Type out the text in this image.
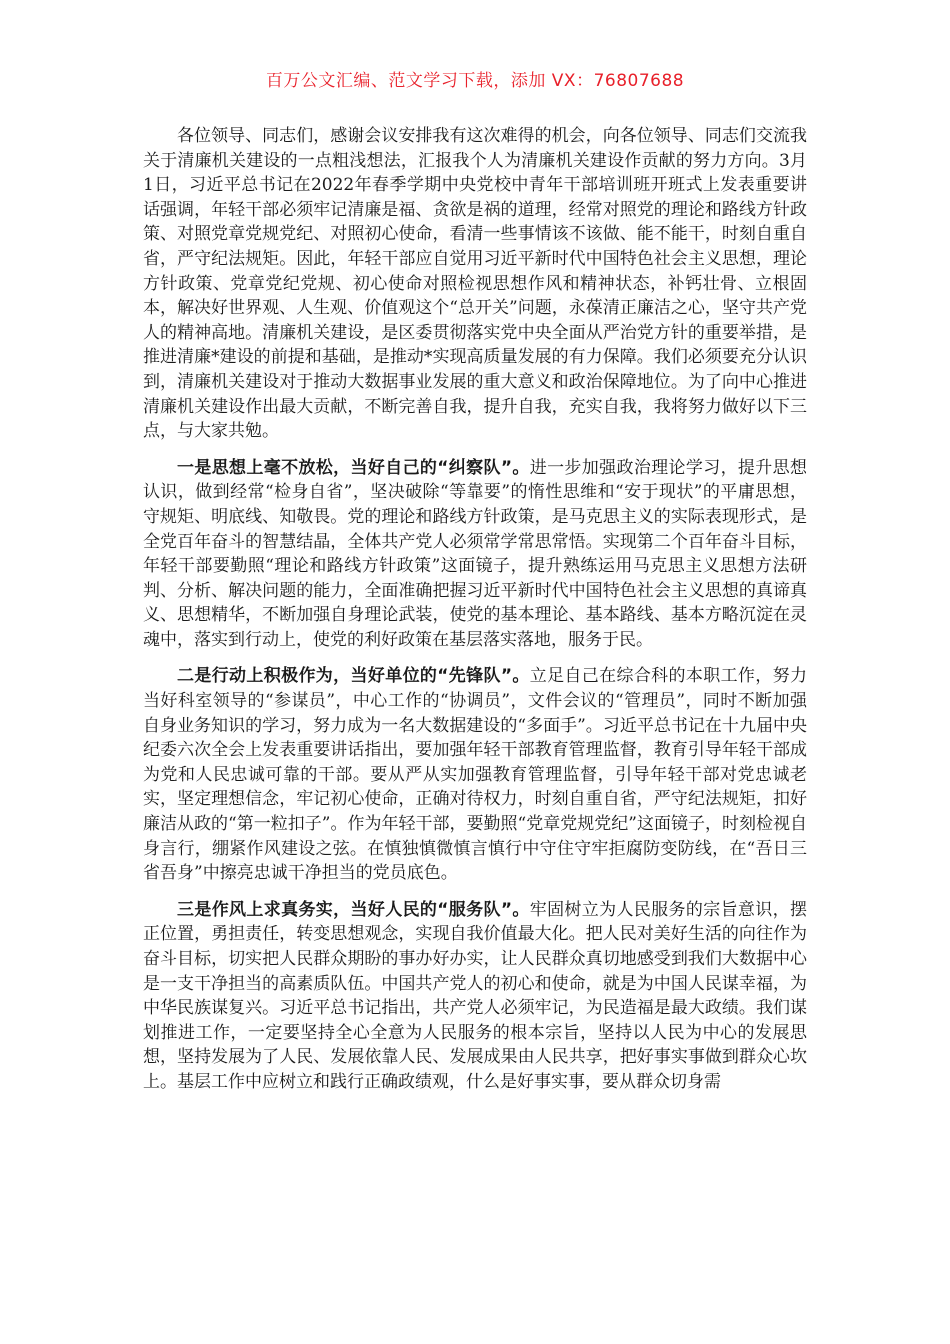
百万公文汇编、范文学习下载，添加 VX：76807688

各位领导、同志们，感谢会议安排我有这次难得的机会，向各位领导、同志们交流我关于清廉机关建设的一点粗浅想法，汇报我个人为清廉机关建设作贡献的努力方向。3月1日，习近平总书记在2022年春季学期中央党校中青年干部培训班开班式上发表重要讲话强调，年轻干部必须牢记清廉是福、贪欲是祸的道理，经常对照党的理论和路线方针政策、对照党章党规党纪、对照初心使命，看清一些事情该不该做、能不能干，时刻自重自省，严守纪法规矩。因此，年轻干部应自觉用习近平新时代中国特色社会主义思想，理论方针政策、党章党纪党规、初心使命对照检视思想作风和精神状态，补钙壮骨、立根固本，解决好世界观、人生观、价值观这个“总开关”问题，永葆清正廉洁之心，坚守共产党人的精神高地。清廉机关建设，是区委贯彻落实党中央全面从严治党方针的重要举措，是推进清廉*建设的前提和基础，是推动*实现高质量发展的有力保障。我们必须要充分认识到，清廉机关建设对于推动大数据事业发展的重大意义和政治保障地位。为了向中心推进清廉机关建设作出最大贡献，不断完善自我，提升自我，充实自我，我将努力做好以下三点，与大家共勉。

一是思想上毫不放松，当好自己的“纠察队”。进一步加强政治理论学习，提升思想认识，做到经常“检身自省”，坚决破除“等靠要”的惰性思维和“安于现状”的平庸思想，守规矩、明底线、知敬畏。党的理论和路线方针政策，是马克思主义的实际表现形式，是全党百年奋斗的智慧结晶，全体共产党人必须常学常思常悟。实现第二个百年奋斗目标，年轻干部要勤照“理论和路线方针政策”这面镜子，提升熟练运用马克思主义思想方法研判、分析、解决问题的能力，全面准确把握习近平新时代中国特色社会主义思想的真谛真义、思想精华，不断加强自身理论武装，使党的基本理论、基本路线、基本方略沉淀在灵魂中，落实到行动上，使党的利好政策在基层落实落地，服务于民。

二是行动上积极作为，当好单位的“先锋队”。立足自己在综合科的本职工作，努力当好科室领导的“参谋员”，中心工作的“协调员”，文件会议的“管理员”，同时不断加强自身业务知识的学习，努力成为一名大数据建设的“多面手”。习近平总书记在十九届中央纪委六次全会上发表重要讲话指出，要加强年轻干部教育管理监督，教育引导年轻干部成为党和人民忠诚可靠的干部。要从严从实加强教育管理监督，引导年轻干部对党忠诚老实，坚定理想信念，牢记初心使命，正确对待权力，时刻自重自省，严守纪法规矩，扣好廉洁从政的“第一粒扣子”。作为年轻干部，要勤照“党章党规党纪”这面镜子，时刻检视自身言行，绷紧作风建设之弦。在慎独慎微慎言慎行中守住守牢拒腐防变防线，在“吾日三省吾身”中擦亮忠诚干净担当的党员底色。

三是作风上求真务实，当好人民的“服务队”。牢固树立为人民服务的宗旨意识，摆正位置，勇担责任，转变思想观念，实现自我价值最大化。把人民对美好生活的向往作为奋斗目标，切实把人民群众期盼的事办好办实，让人民群众真切地感受到我们大数据中心是一支干净担当的高素质队伍。中国共产党人的初心和使命，就是为中国人民谋幸福，为中华民族谋复兴。习近平总书记指出，共产党人必须牢记，为民造福是最大政绩。我们谋划推进工作，一定要坚持全心全意为人民服务的根本宗旨，坚持以人民为中心的发展思想，坚持发展为了人民、发展依靠人民、发展成果由人民共享，把好事实事做到群众心坎上。基层工作中应树立和践行正确政绩观，什么是好事实事，要从群众切身需
